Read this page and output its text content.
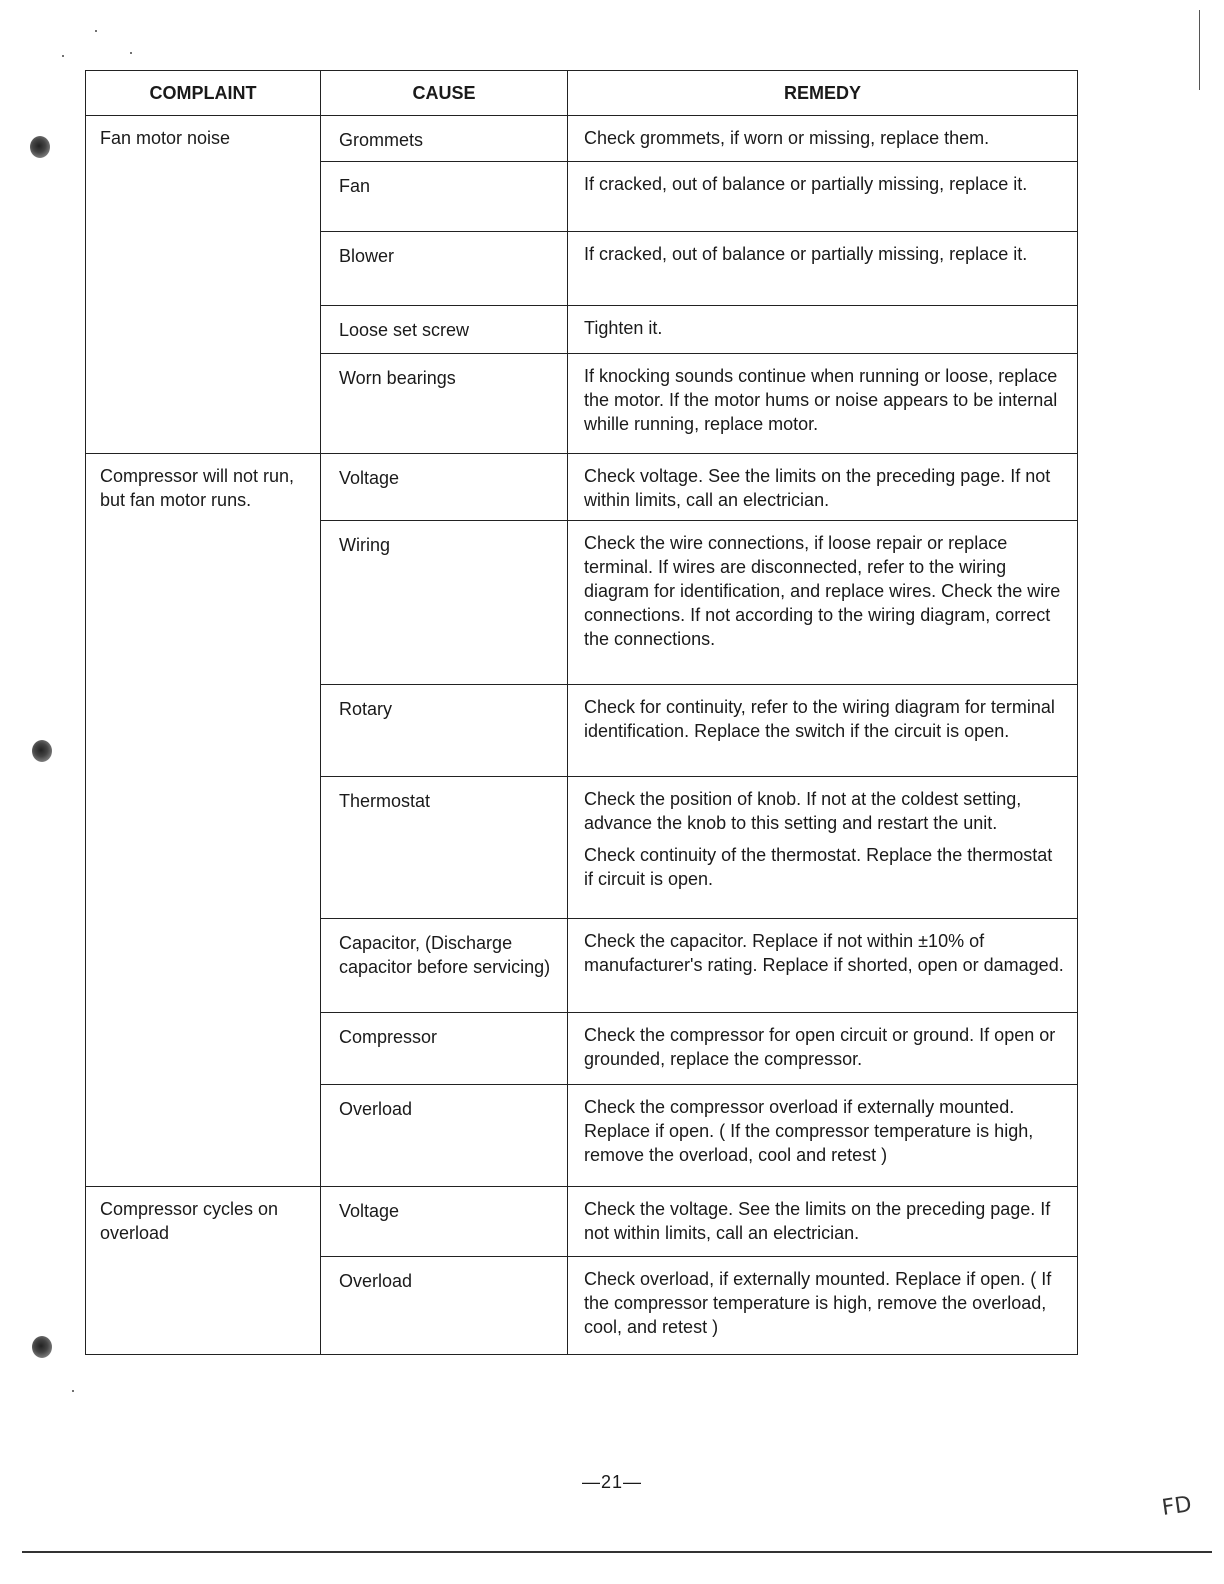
COMPLAINT	CAUSE	REMEDY
Fan motor noise	Grommets	Check grommets, if worn or missing, replace them.

	Fan	If cracked, out of balance or partially missing, replace it.

	Blower	If cracked, out of balance or partially missing, replace it.

	Loose set screw	Tighten it.

	Worn bearings	If knocking sounds continue when running or loose, replace the motor. If the motor hums or noise appears to be internal whille running, replace motor.

Compressor will not run, but fan motor runs.	Voltage	Check voltage. See the limits on the preceding page. If not within limits, call an electrician.

	Wiring	Check the wire connections, if loose repair or replace terminal. If wires are disconnected, refer to the wiring diagram for identification, and replace wires. Check the wire connections. If not according to the wiring diagram, correct the connections.

	Rotary	Check for continuity, refer to the wiring diagram for terminal identification. Replace the switch if the circuit is open.

	Thermostat	Check the position of knob. If not at the coldest setting, advance the knob to this setting and restart the unit.
Check continuity of the thermostat. Replace the thermostat if circuit is open.

	Capacitor, (Discharge capacitor before servicing)	Check the capacitor. Replace if not within ±10% of manufacturer's rating. Replace if shorted, open or damaged.

	Compressor	Check the compressor for open circuit or ground. If open or grounded, replace the compressor.

	Overload	Check the compressor overload if externally mounted. Replace if open. ( If the compressor temperature is high, remove the overload, cool and retest )

Compressor cycles on overload	Voltage	Check the voltage. See the limits on the preceding page. If not within limits, call an electrician.

	Overload	Check overload, if externally mounted. Replace if open. ( If the compressor temperature is high, remove the overload, cool, and retest )
—21—
FD
